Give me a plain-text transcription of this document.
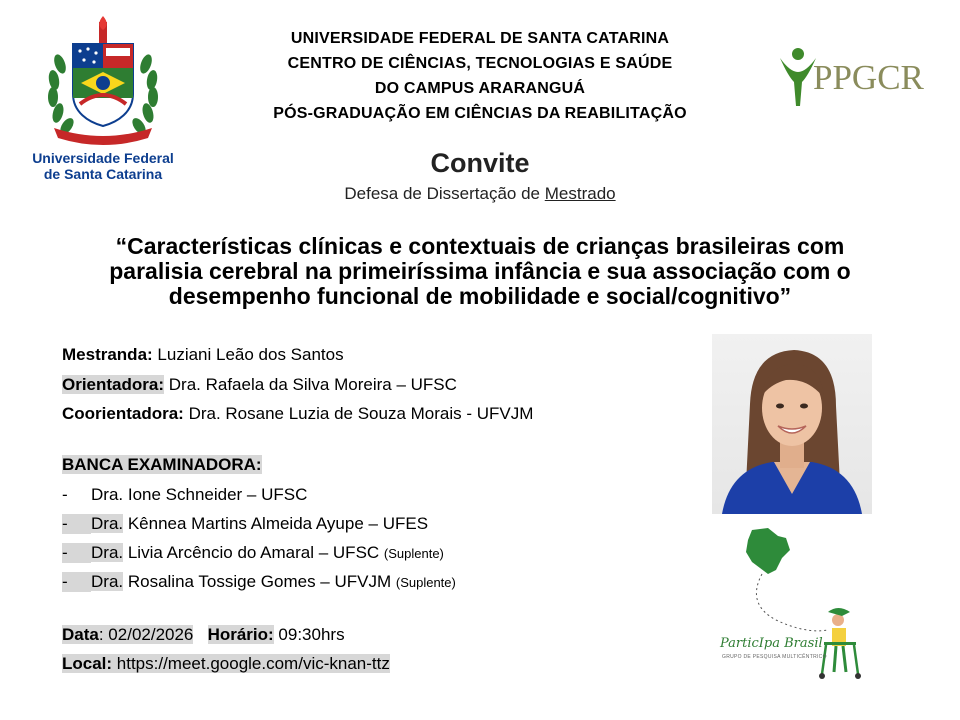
Universidade Federal
de Santa Catarina
UNIVERSIDADE FEDERAL DE SANTA CATARINA
CENTRO DE CIÊNCIAS, TECNOLOGIAS E SAÚDE
DO CAMPUS ARARANGUÁ
PÓS-GRADUAÇÃO EM CIÊNCIAS DA REABILITAÇÃO
PPGCR
Convite
Defesa de Dissertação de Mestrado
“Características clínicas e contextuais de crianças brasileiras com
paralisia cerebral na primeiríssima infância e sua associação com o
desempenho funcional de mobilidade e social/cognitivo”
Mestranda: Luziani Leão dos Santos
Orientadora: Dra. Rafaela da Silva Moreira – UFSC
Coorientadora: Dra. Rosane Luzia de Souza Morais - UFVJM
BANCA EXAMINADORA:
- Dra. Ione Schneider – UFSC
- Dra. Kênnea Martins Almeida Ayupe – UFES
- Dra. Livia Arcêncio do Amaral – UFSC (Suplente)
- Dra. Rosalina Tossige Gomes – UFVJM (Suplente)
Data: 02/02/2026 Horário: 09:30hrs
Local: https://meet.google.com/vic-knan-ttz
ParticIpa Brasil
GRUPO DE PESQUISA MULTICÊNTRICO
